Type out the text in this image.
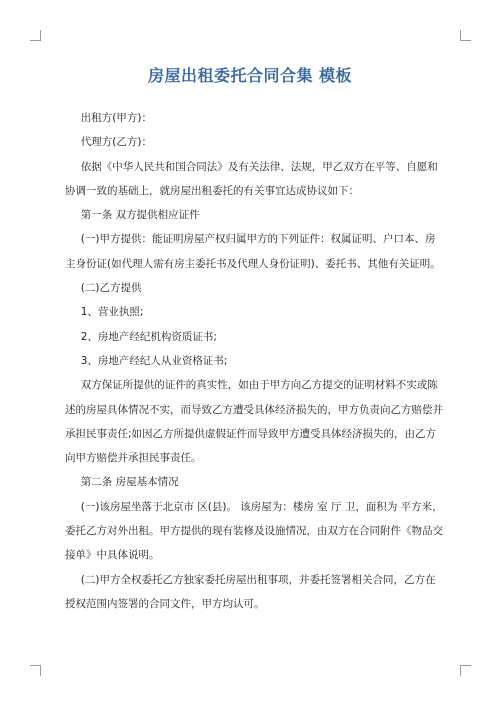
房屋出租委托合同合集 模板

出租方(甲方)：

代理方(乙方)：

依据《中华人民共和国合同法》及有关法律、法规，甲乙双方在平等、自愿和协调一致的基础上，就房屋出租委托的有关事宜达成协议如下：

第一条 双方提供相应证件

(一)甲方提供：能证明房屋产权归属甲方的下列证件：权属证明、户口本、房主身份证(如代理人需有房主委托书及代理人身份证明)、委托书、其他有关证明。

(二)乙方提供

1、营业执照;

2、房地产经纪机构资质证书;

3、房地产经纪人从业资格证书;

双方保证所提供的证件的真实性，如由于甲方向乙方提交的证明材料不实或陈述的房屋具体情况不实，而导致乙方遭受具体经济损失的，甲方负责向乙方赔偿并承担民事责任;如因乙方所提供虚假证件而导致甲方遭受具体经济损失的，由乙方向甲方赔偿并承担民事责任。

第二条 房屋基本情况

(一)该房屋坐落于北京市 区(县)。 该房屋为：楼房 室 厅 卫，面积为 平方米，委托乙方对外出租。甲方提供的现有装修及设施情况，由双方在合同附件《物品交接单》中具体说明。

(二)甲方全权委托乙方独家委托房屋出租事项，并委托签署相关合同，乙方在授权范围内签署的合同文件，甲方均认可。
